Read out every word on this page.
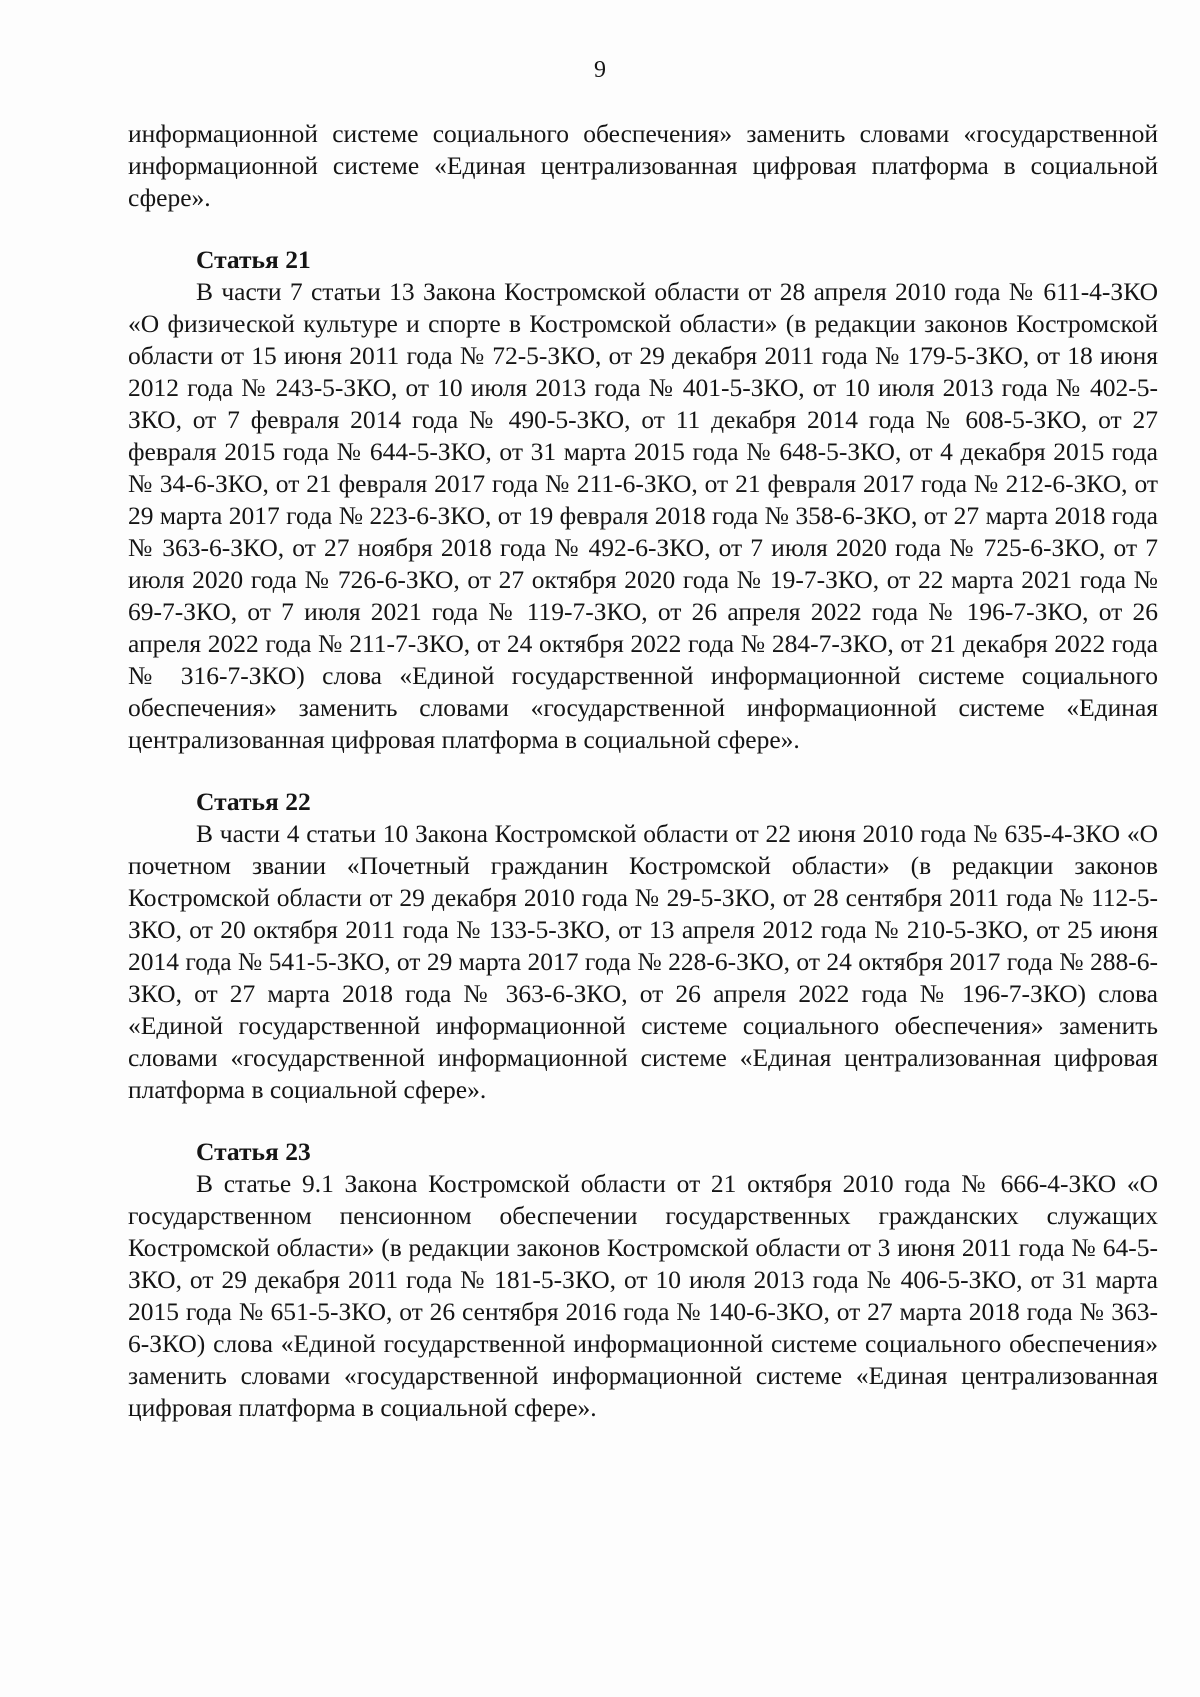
9

информационной системе социального обеспечения» заменить словами «государственной информационной системе «Единая централизованная цифровая платформа в социальной сфере».

Статья 21

В части 7 статьи 13 Закона Костромской области от 28 апреля 2010 года № 611-4-ЗКО «О физической культуре и спорте в Костромской области» (в редакции законов Костромской области от 15 июня 2011 года № 72-5-ЗКО, от 29 декабря 2011 года № 179-5-ЗКО, от 18 июня 2012 года № 243-5-ЗКО, от 10 июля 2013 года № 401-5-ЗКО, от 10 июля 2013 года № 402-5-ЗКО, от 7 февраля 2014 года № 490-5-ЗКО, от 11 декабря 2014 года № 608-5-ЗКО, от 27 февраля 2015 года № 644-5-ЗКО, от 31 марта 2015 года № 648-5-ЗКО, от 4 декабря 2015 года № 34-6-ЗКО, от 21 февраля 2017 года № 211-6-ЗКО, от 21 февраля 2017 года № 212-6-ЗКО, от 29 марта 2017 года № 223-6-ЗКО, от 19 февраля 2018 года № 358-6-ЗКО, от 27 марта 2018 года № 363-6-ЗКО, от 27 ноября 2018 года № 492-6-ЗКО, от 7 июля 2020 года № 725-6-ЗКО, от 7 июля 2020 года № 726-6-ЗКО, от 27 октября 2020 года № 19-7-ЗКО, от 22 марта 2021 года № 69-7-ЗКО, от 7 июля 2021 года № 119-7-ЗКО, от 26 апреля 2022 года № 196-7-ЗКО, от 26 апреля 2022 года № 211-7-ЗКО, от 24 октября 2022 года № 284-7-ЗКО, от 21 декабря 2022 года № 316-7-ЗКО) слова «Единой государственной информационной системе социального обеспечения» заменить словами «государственной информационной системе «Единая централизованная цифровая платформа в социальной сфере».

Статья 22

В части 4 статьи 10 Закона Костромской области от 22 июня 2010 года № 635-4-ЗКО «О почетном звании «Почетный гражданин Костромской области» (в редакции законов Костромской области от 29 декабря 2010 года № 29-5-ЗКО, от 28 сентября 2011 года № 112-5-ЗКО, от 20 октября 2011 года № 133-5-ЗКО, от 13 апреля 2012 года № 210-5-ЗКО, от 25 июня 2014 года № 541-5-ЗКО, от 29 марта 2017 года № 228-6-ЗКО, от 24 октября 2017 года № 288-6-ЗКО, от 27 марта 2018 года № 363-6-ЗКО, от 26 апреля 2022 года № 196-7-ЗКО) слова «Единой государственной информационной системе социального обеспечения» заменить словами «государственной информационной системе «Единая централизованная цифровая платформа в социальной сфере».

Статья 23

В статье 9.1 Закона Костромской области от 21 октября 2010 года № 666-4-ЗКО «О государственном пенсионном обеспечении государственных гражданских служащих Костромской области» (в редакции законов Костромской области от 3 июня 2011 года № 64-5-ЗКО, от 29 декабря 2011 года № 181-5-ЗКО, от 10 июля 2013 года № 406-5-ЗКО, от 31 марта 2015 года № 651-5-ЗКО, от 26 сентября 2016 года № 140-6-ЗКО, от 27 марта 2018 года № 363-6-ЗКО) слова «Единой государственной информационной системе социального обеспечения» заменить словами «государственной информационной системе «Единая централизованная цифровая платформа в социальной сфере».
